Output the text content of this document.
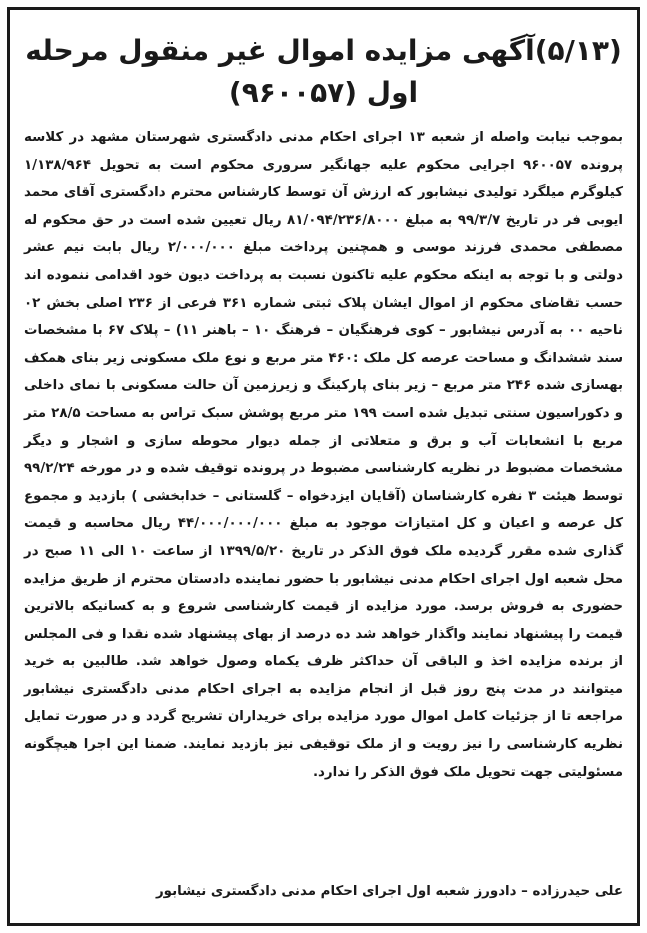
(۵/۱۳)آگهی مزایده اموال غیر منقول مرحله
اول (۹۶۰۰۵۷)

بموجب نیابت واصله از شعبه ۱۳ اجرای احکام مدنی دادگستری شهرستان مشهد در کلاسه پرونده ۹۶۰۰۵۷ اجرایی محکوم علیه جهانگیر سروری محکوم است به تحویل ۱/۱۳۸/۹۶۴ کیلوگرم میلگرد تولیدی نیشابور که ارزش آن توسط کارشناس محترم دادگستری آقای محمد ایوبی فر در تاریخ ۹۹/۳/۷ به مبلغ ۸۱/۰۹۴/۲۳۶/۸۰۰۰ ریال تعیین شده است در حق محکوم له مصطفی محمدی فرزند موسی و همچنین پرداخت مبلغ ۲/۰۰۰/۰۰۰ ریال بابت نیم عشر دولتی و با توجه به اینکه محکوم علیه تاکنون نسبت به پرداخت دیون خود اقدامی ننموده اند حسب تقاضای محکوم از اموال ایشان پلاک ثبتی شماره ۳۶۱ فرعی از ۲۳۶ اصلی بخش ۰۲ ناحیه ۰۰ به آدرس نیشابور – کوی فرهنگیان – فرهنگ ۱۰ – باهنر ۱۱) – پلاک ۶۷ با مشخصات سند ششدانگ و مساحت عرصه کل ملک :۴۶۰ متر مربع و نوع ملک مسکونی زیر بنای همکف بهسازی شده ۲۴۶ متر مربع – زیر بنای پارکینگ و زیرزمین آن حالت مسکونی با نمای داخلی و دکوراسیون سنتی تبدیل شده است ۱۹۹ متر مربع پوشش سبک تراس به مساحت ۲۸/۵ متر مربع با انشعابات آب و برق و متعلاتی از جمله دیوار محوطه سازی و اشجار و دیگر مشخصات مضبوط در نظریه کارشناسی مضبوط در پرونده توقیف شده و در مورخه ۹۹/۲/۲۴ توسط هیئت ۳ نفره کارشناسان (آقایان ایزدخواه – گلستانی – خدابخشی ) بازدید و مجموع کل عرصه و اعیان و کل امتیازات موجود به مبلغ ۴۴/۰۰۰/۰۰۰/۰۰۰ ریال محاسبه و قیمت گذاری شده مقرر گردیده ملک فوق الذکر در تاریخ ۱۳۹۹/۵/۲۰ از ساعت ۱۰ الی ۱۱ صبح در محل شعبه اول اجرای احکام مدنی نیشابور با حضور نماینده دادستان محترم از طریق مزایده حضوری به فروش برسد. مورد مزایده از قیمت کارشناسی شروع و به کسانیکه بالاترین قیمت را پیشنهاد نمایند واگذار خواهد شد ده درصد از بهای پیشنهاد شده نقدا و فی المجلس از برنده مزایده اخذ و الباقی آن حداکثر ظرف یکماه وصول خواهد شد. طالبین به خرید میتوانند در مدت پنج روز قبل از انجام مزایده به اجرای احکام مدنی دادگستری نیشابور مراجعه تا از جزئیات کامل اموال مورد مزایده برای خریداران تشریح گردد و در صورت تمایل نظریه کارشناسی را نیز رویت و از ملک توقیفی نیز بازدید نمایند. ضمنا این اجرا هیچگونه مسئولیتی جهت تحویل ملک فوق الذکر را ندارد.

علی حیدرزاده – دادورز شعبه اول اجرای احکام مدنی دادگستری نیشابور
